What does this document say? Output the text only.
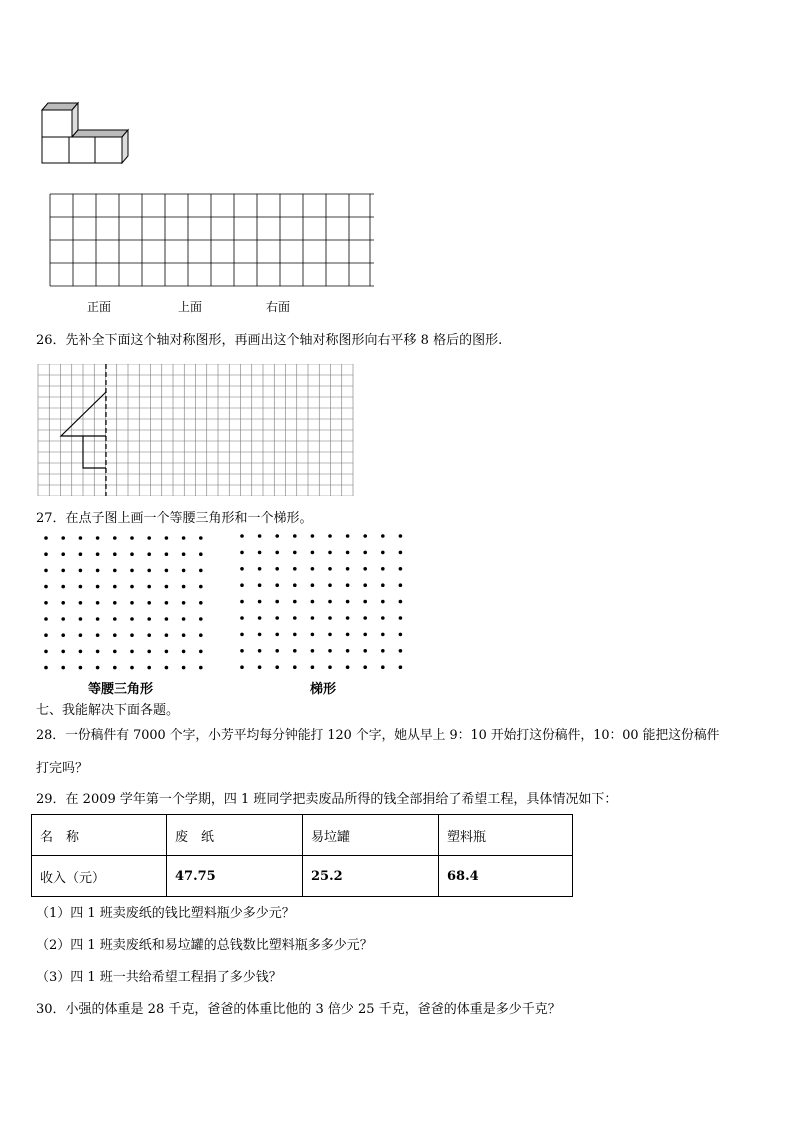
正面	上面	右面
26．先补全下面这个轴对称图形，再画出这个轴对称图形向右平移 8 格后的图形.
27．在点子图上画一个等腰三角形和一个梯形。
等腰三角形	梯形
七、我能解决下面各题。
28．一份稿件有 7000 个字，小芳平均每分钟能打 120 个字，她从早上 9：10 开始打这份稿件，10：00 能把这份稿件
打完吗？
29．在 2009 学年第一个学期，四 1 班同学把卖废品所得的钱全部捐给了希望工程，具体情况如下：
名　称	废　纸	易垃罐	塑料瓶
收入（元）	47.75	25.2	68.4
（1）四 1 班卖废纸的钱比塑料瓶少多少元？
（2）四 1 班卖废纸和易垃罐的总钱数比塑料瓶多多少元？
（3）四 1 班一共给希望工程捐了多少钱？
30．小强的体重是 28 千克，爸爸的体重比他的 3 倍少 25 千克，爸爸的体重是多少千克？
